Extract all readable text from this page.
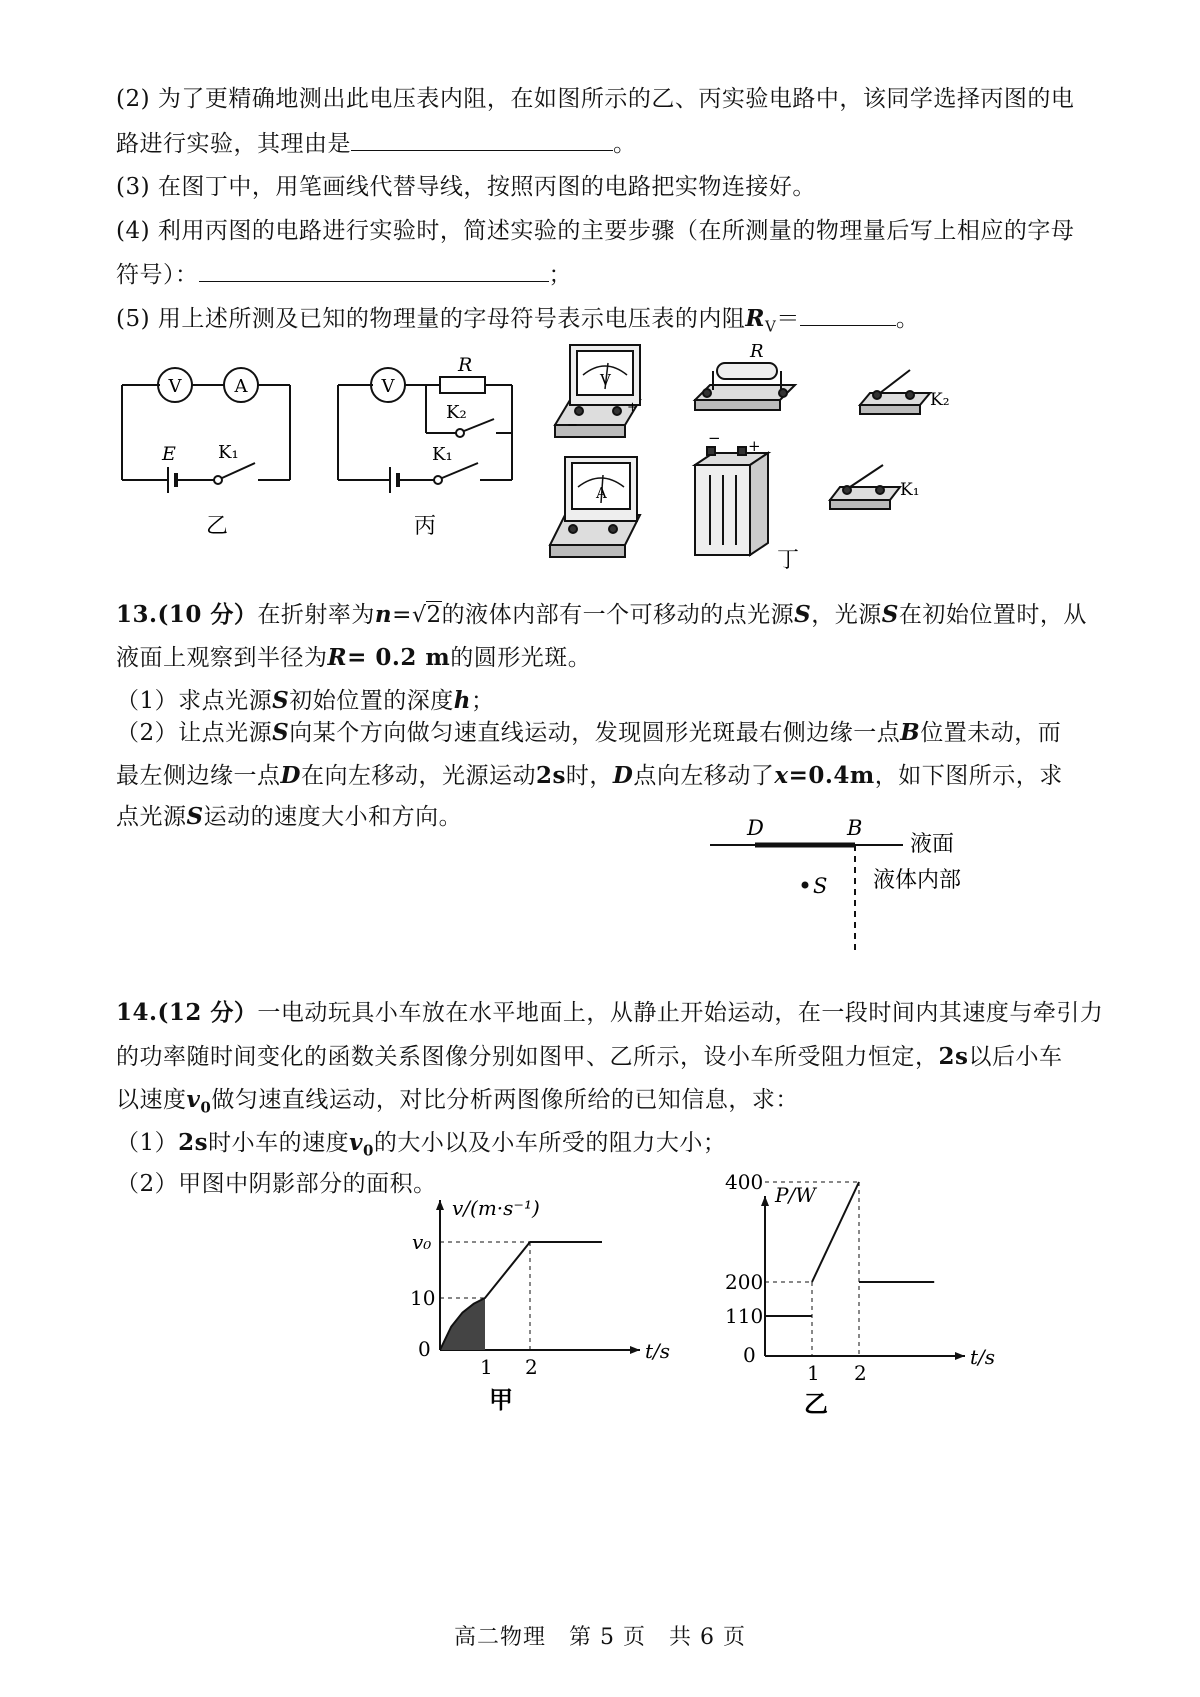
(2) 为了更精确地测出此电压表内阻，在如图所示的乙、丙实验电路中，该同学选择丙图的电
路进行实验，其理由是	。
(3) 在图丁中，用笔画线代替导线，按照丙图的电路把实物连接好。
(4) 利用丙图的电路进行实验时，简述实验的主要步骤（在所测量的物理量后写上相应的字母
符号）：	；
(5) 用上述所测及已知的物理量的字母符号表示电压表的内阻$R_V=$	。
V	A
E K₁
乙
V
R
K₂
K₁
丙
V
−
+
A
R
K₂
− +
K₁
丁
13.(10 分）在折射率为n=√2的液体内部有一个可移动的点光源S，光源S在初始位置时，从
液面上观察到半径为R= 0.2 m的圆形光斑。
（1）求点光源S初始位置的深度h；
（2）让点光源S向某个方向做匀速直线运动，发现圆形光斑最右侧边缘一点B位置未动，而
最左侧边缘一点D在向左移动，光源运动2s时，D点向左移动了x=0.4m，如下图所示，求
点光源S运动的速度大小和方向。	D	B
S
液面
液体内部
14.(12 分）一电动玩具小车放在水平地面上，从静止开始运动，在一段时间内其速度与牵引力
的功率随时间变化的函数关系图像分别如图甲、乙所示，设小车所受阻力恒定，2s以后小车
以速度$v_0$做匀速直线运动，对比分析两图像所给的已知信息，求：
（1）2s时小车的速度$v_0$的大小以及小车所受的阻力大小；
（2）甲图中阴影部分的面积。
0
10
v₀
1 2
v/(m·s⁻¹)
t/s
甲
0
110
200
400
1 2
P/W
t/s
乙
高二物理　第 5 页　共 6 页
